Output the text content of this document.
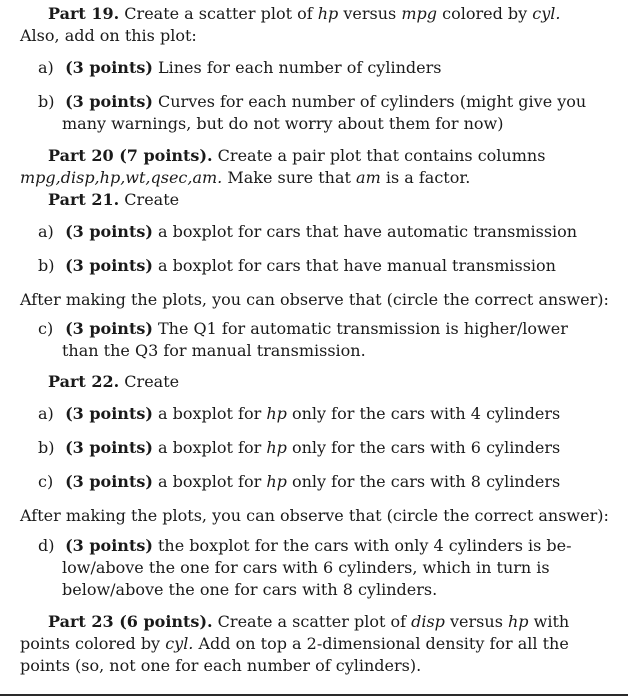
Part 19. Create a scatter plot of hp versus mpg colored by cyl.
Also, add on this plot:
a) (3 points) Lines for each number of cylinders
b) (3 points) Curves for each number of cylinders (might give you
many warnings, but do not worry about them for now)
Part 20 (7 points). Create a pair plot that contains columns
mpg,disp,hp,wt,qsec,am. Make sure that am is a factor.
Part 21. Create
a) (3 points) a boxplot for cars that have automatic transmission
b) (3 points) a boxplot for cars that have manual transmission
After making the plots, you can observe that (circle the correct answer):
c) (3 points) The Q1 for automatic transmission is higher/lower
than the Q3 for manual transmission.
Part 22. Create
a) (3 points) a boxplot for hp only for the cars with 4 cylinders
b) (3 points) a boxplot for hp only for the cars with 6 cylinders
c) (3 points) a boxplot for hp only for the cars with 8 cylinders
After making the plots, you can observe that (circle the correct answer):
d) (3 points) the boxplot for the cars with only 4 cylinders is be-
low/above the one for cars with 6 cylinders, which in turn is
below/above the one for cars with 8 cylinders.
Part 23 (6 points). Create a scatter plot of disp versus hp with
points colored by cyl. Add on top a 2-dimensional density for all the
points (so, not one for each number of cylinders).
